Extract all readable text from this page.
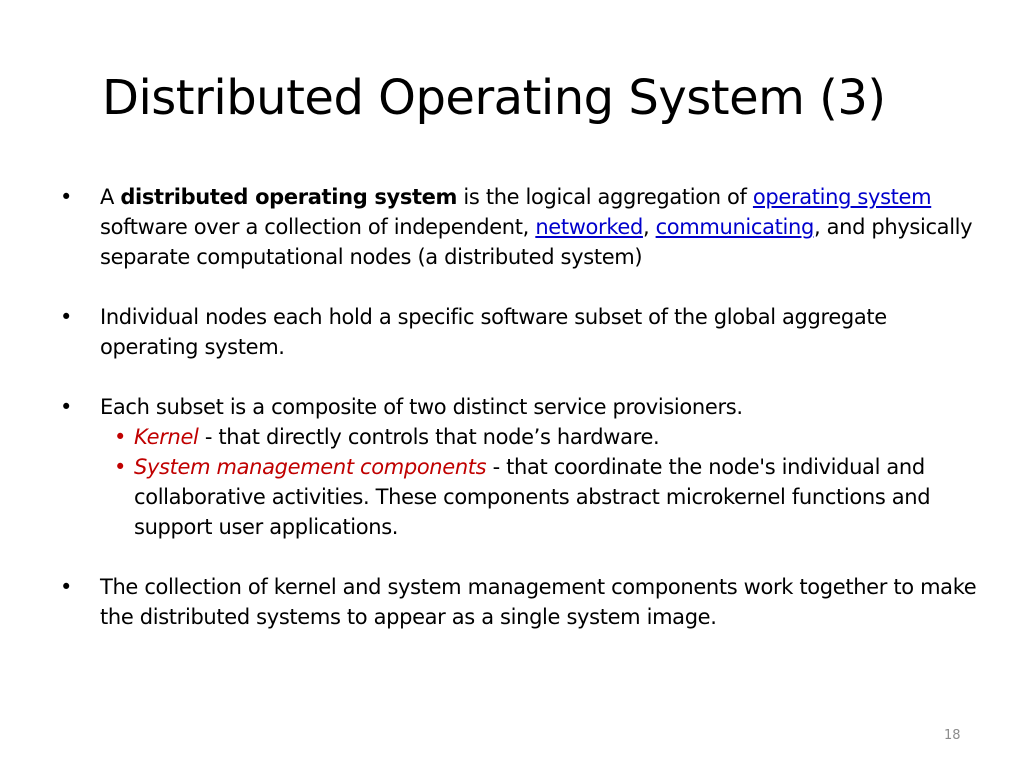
Distributed Operating System (3)
• A distributed operating system is the logical aggregation of operating system software over a collection of independent, networked, communicating, and physically separate computational nodes (a distributed system)
• Individual nodes each hold a specific software subset of the global aggregate operating system.
• Each subset is a composite of two distinct service provisioners.
• Kernel - that directly controls that node’s hardware.
• System management components - that coordinate the node's individual and collaborative activities. These components abstract microkernel functions and support user applications.
• The collection of kernel and system management components work together to make the distributed systems to appear as a single system image.
18
